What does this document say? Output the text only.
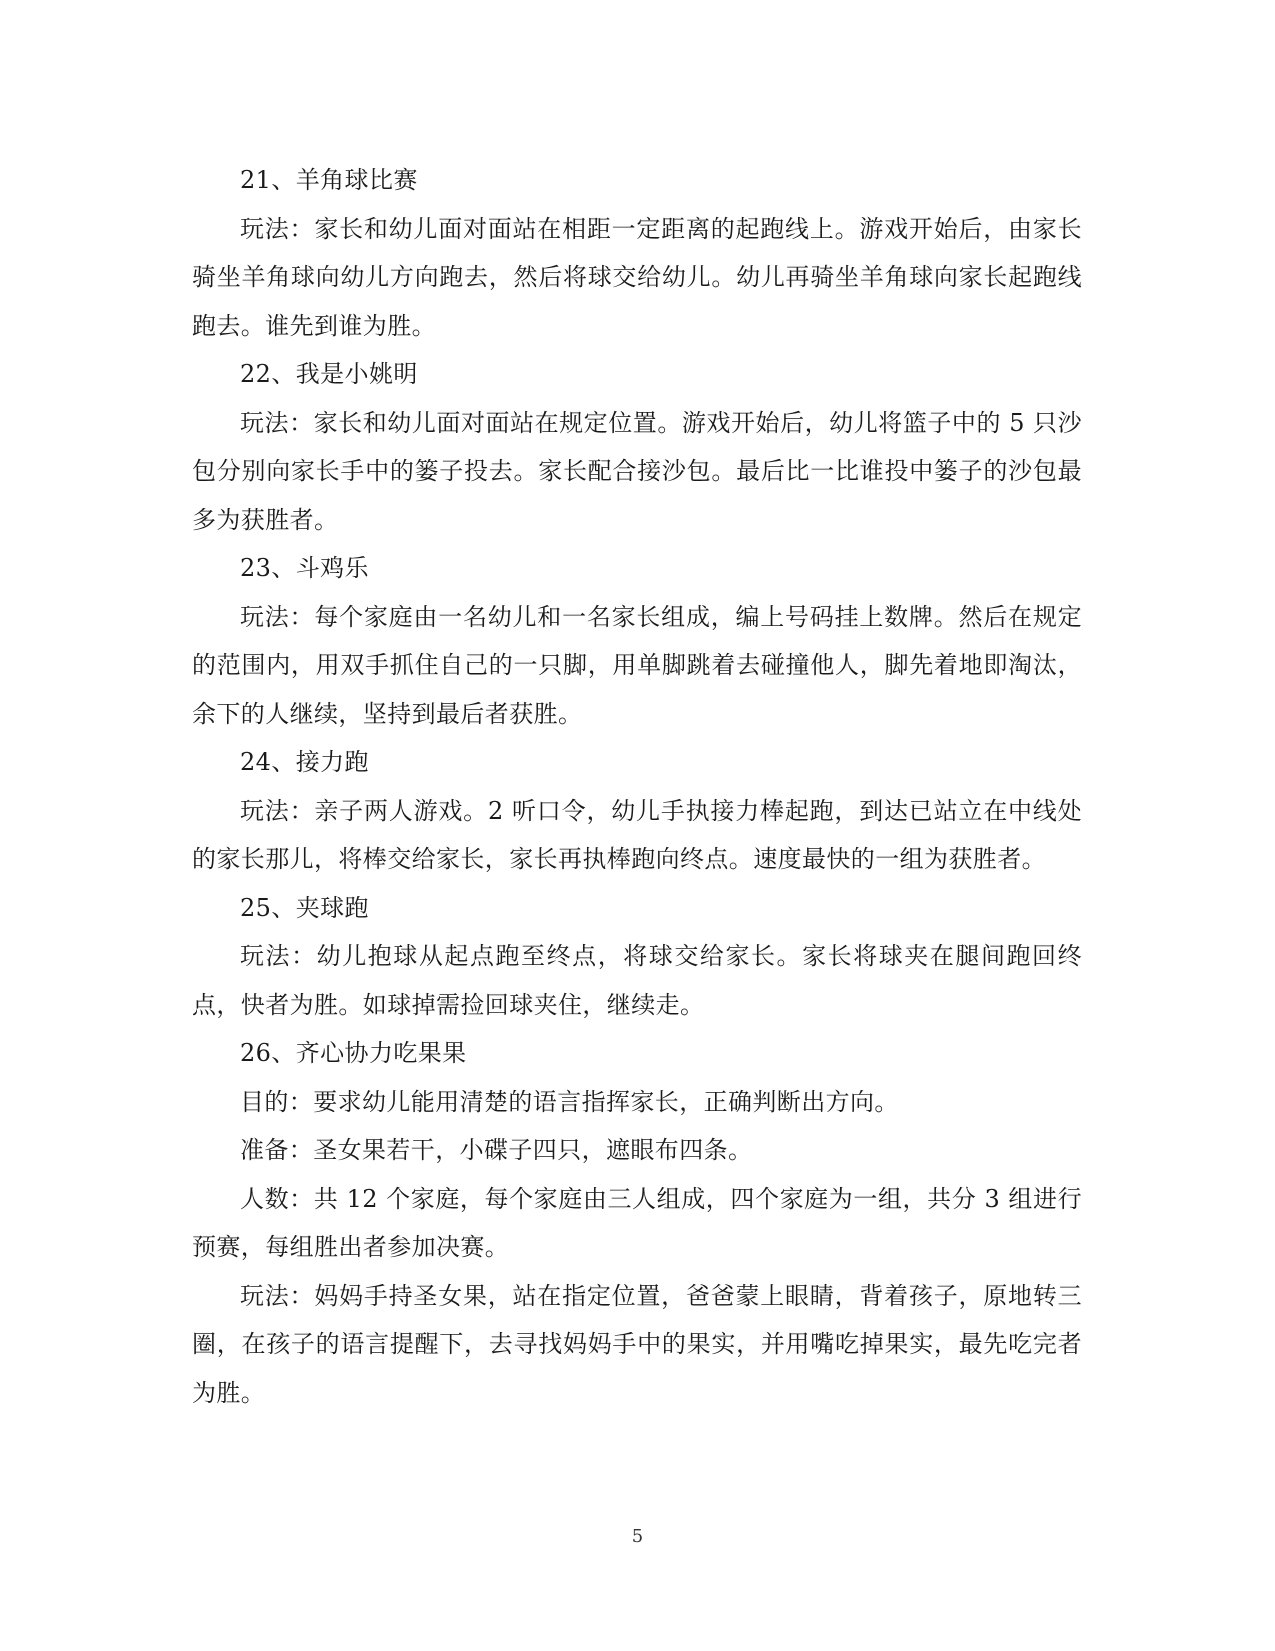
21、羊角球比赛

玩法：家长和幼儿面对面站在相距一定距离的起跑线上。游戏开始后，由家长骑坐羊角球向幼儿方向跑去，然后将球交给幼儿。幼儿再骑坐羊角球向家长起跑线跑去。谁先到谁为胜。

22、我是小姚明

玩法：家长和幼儿面对面站在规定位置。游戏开始后，幼儿将篮子中的 5 只沙包分别向家长手中的篓子投去。家长配合接沙包。最后比一比谁投中篓子的沙包最多为获胜者。

23、斗鸡乐

玩法：每个家庭由一名幼儿和一名家长组成，编上号码挂上数牌。然后在规定的范围内，用双手抓住自己的一只脚，用单脚跳着去碰撞他人，脚先着地即淘汰，余下的人继续，坚持到最后者获胜。

24、接力跑

玩法：亲子两人游戏。2 听口令，幼儿手执接力棒起跑，到达已站立在中线处的家长那儿，将棒交给家长，家长再执棒跑向终点。速度最快的一组为获胜者。

25、夹球跑

玩法：幼儿抱球从起点跑至终点，将球交给家长。家长将球夹在腿间跑回终点，快者为胜。如球掉需捡回球夹住，继续走。

26、齐心协力吃果果

目的：要求幼儿能用清楚的语言指挥家长，正确判断出方向。

准备：圣女果若干，小碟子四只，遮眼布四条。

人数：共 12 个家庭，每个家庭由三人组成，四个家庭为一组，共分 3 组进行预赛，每组胜出者参加决赛。

玩法：妈妈手持圣女果，站在指定位置，爸爸蒙上眼睛，背着孩子，原地转三圈，在孩子的语言提醒下，去寻找妈妈手中的果实，并用嘴吃掉果实，最先吃完者为胜。

5
